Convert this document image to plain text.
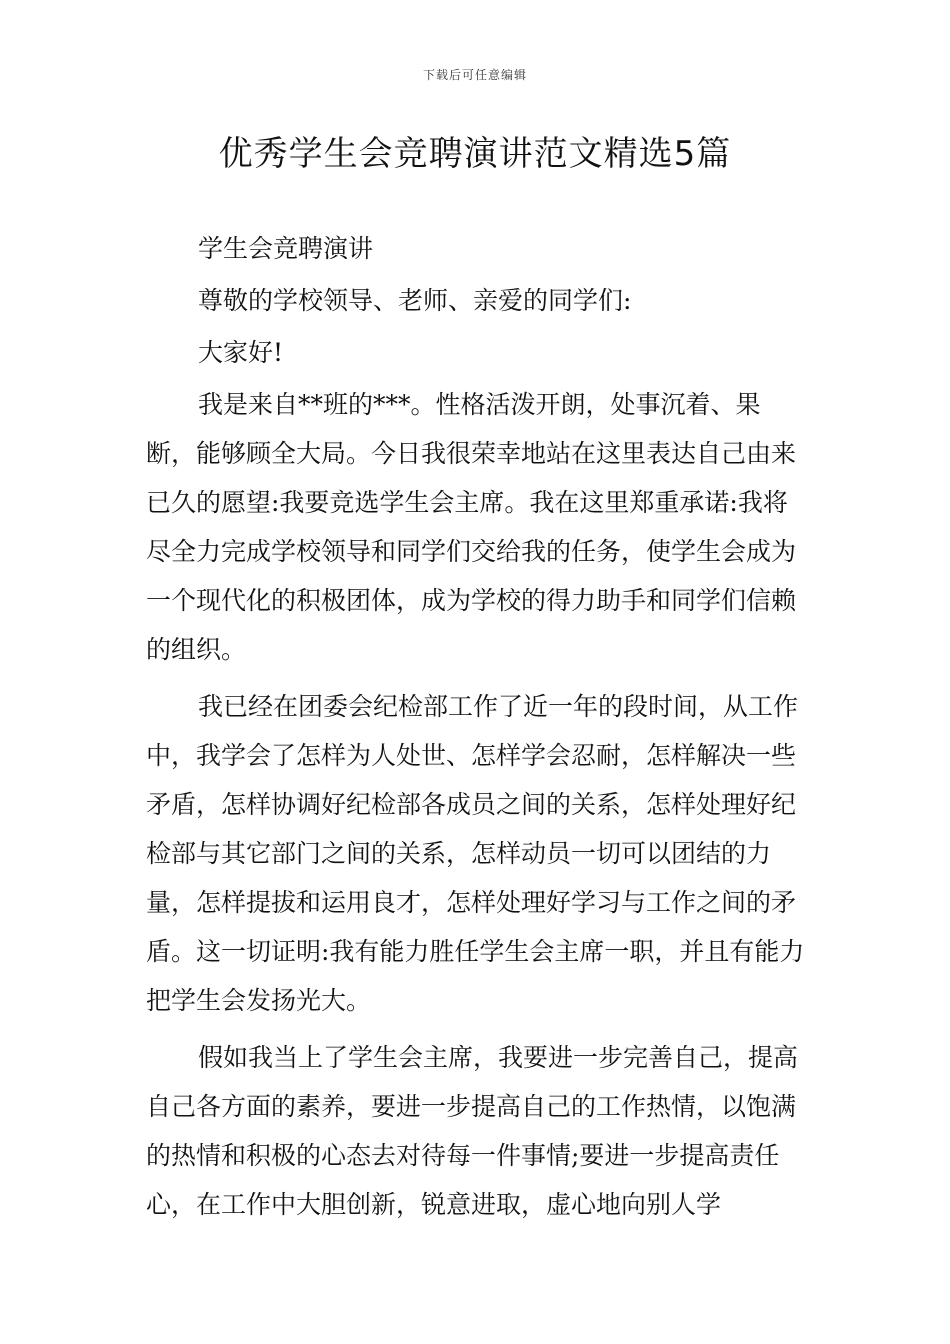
下载后可任意编辑
优秀学生会竞聘演讲范文精选5篇

学生会竞聘演讲

尊敬的学校领导、老师、亲爱的同学们:

大家好!

我是来自**班的***。性格活泼开朗，处事沉着、果断，能够顾全大局。今日我很荣幸地站在这里表达自己由来已久的愿望:我要竞选学生会主席。我在这里郑重承诺:我将尽全力完成学校领导和同学们交给我的任务，使学生会成为一个现代化的积极团体，成为学校的得力助手和同学们信赖的组织。

我已经在团委会纪检部工作了近一年的段时间，从工作中，我学会了怎样为人处世、怎样学会忍耐，怎样解决一些矛盾，怎样协调好纪检部各成员之间的关系，怎样处理好纪检部与其它部门之间的关系，怎样动员一切可以团结的力量，怎样提拔和运用良才，怎样处理好学习与工作之间的矛盾。这一切证明:我有能力胜任学生会主席一职，并且有能力把学生会发扬光大。

假如我当上了学生会主席，我要进一步完善自己，提高自己各方面的素养，要进一步提高自己的工作热情，以饱满的热情和积极的心态去对待每一件事情;要进一步提高责任心，在工作中大胆创新，锐意进取，虚心地向别人学
